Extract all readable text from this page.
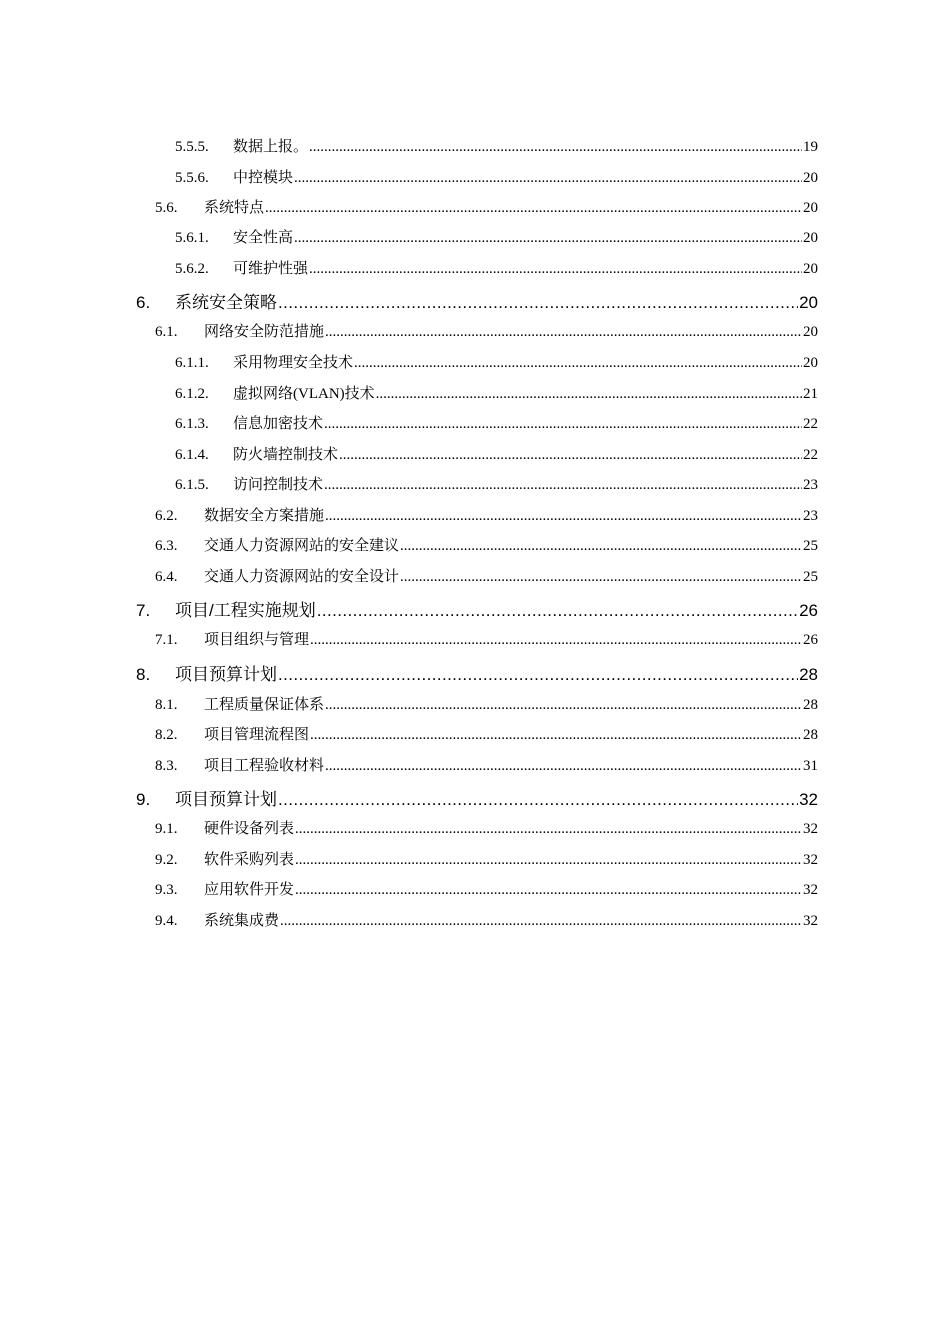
5.5.5.	数据上报。 .....	19
5.5.6.	中控模块 .....	20
5.6.	系统特点 .....	20
5.6.1.	安全性高 .....	20
5.6.2.	可维护性强 .....	20
6.	系统安全策略 .....	20
6.1.	网络安全防范措施 .....	20
6.1.1.	采用物理安全技术 .....	20
6.1.2.	虚拟网络(VLAN)技术 .....	21
6.1.3.	信息加密技术 .....	22
6.1.4.	防火墙控制技术 .....	22
6.1.5.	访问控制技术 .....	23
6.2.	数据安全方案措施 .....	23
6.3.	交通人力资源网站的安全建议 .....	25
6.4.	交通人力资源网站的安全设计 .....	25
7.	项目/工程实施规划 .....	26
7.1.	项目组织与管理 .....	26
8.	项目预算计划 .....	28
8.1.	工程质量保证体系 .....	28
8.2.	项目管理流程图 .....	28
8.3.	项目工程验收材料 .....	31
9.	项目预算计划 .....	32
9.1.	硬件设备列表 .....	32
9.2.	软件采购列表 .....	32
9.3.	应用软件开发 .....	32
9.4.	系统集成费 .....	32
